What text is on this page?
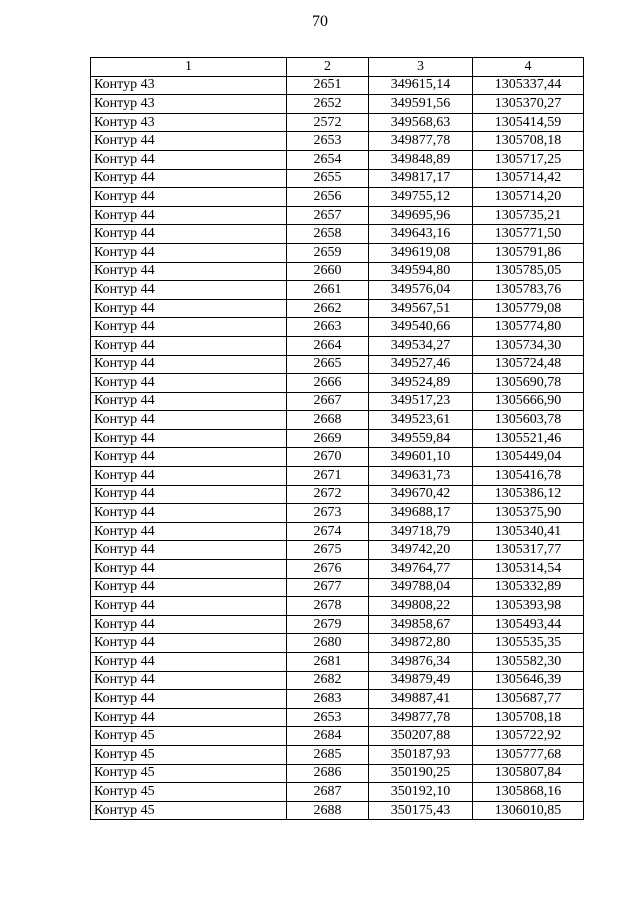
70
1	2	3	4
Контур 43	2651	349615,14	1305337,44
Контур 43	2652	349591,56	1305370,27
Контур 43	2572	349568,63	1305414,59
Контур 44	2653	349877,78	1305708,18
Контур 44	2654	349848,89	1305717,25
Контур 44	2655	349817,17	1305714,42
Контур 44	2656	349755,12	1305714,20
Контур 44	2657	349695,96	1305735,21
Контур 44	2658	349643,16	1305771,50
Контур 44	2659	349619,08	1305791,86
Контур 44	2660	349594,80	1305785,05
Контур 44	2661	349576,04	1305783,76
Контур 44	2662	349567,51	1305779,08
Контур 44	2663	349540,66	1305774,80
Контур 44	2664	349534,27	1305734,30
Контур 44	2665	349527,46	1305724,48
Контур 44	2666	349524,89	1305690,78
Контур 44	2667	349517,23	1305666,90
Контур 44	2668	349523,61	1305603,78
Контур 44	2669	349559,84	1305521,46
Контур 44	2670	349601,10	1305449,04
Контур 44	2671	349631,73	1305416,78
Контур 44	2672	349670,42	1305386,12
Контур 44	2673	349688,17	1305375,90
Контур 44	2674	349718,79	1305340,41
Контур 44	2675	349742,20	1305317,77
Контур 44	2676	349764,77	1305314,54
Контур 44	2677	349788,04	1305332,89
Контур 44	2678	349808,22	1305393,98
Контур 44	2679	349858,67	1305493,44
Контур 44	2680	349872,80	1305535,35
Контур 44	2681	349876,34	1305582,30
Контур 44	2682	349879,49	1305646,39
Контур 44	2683	349887,41	1305687,77
Контур 44	2653	349877,78	1305708,18
Контур 45	2684	350207,88	1305722,92
Контур 45	2685	350187,93	1305777,68
Контур 45	2686	350190,25	1305807,84
Контур 45	2687	350192,10	1305868,16
Контур 45	2688	350175,43	1306010,85
